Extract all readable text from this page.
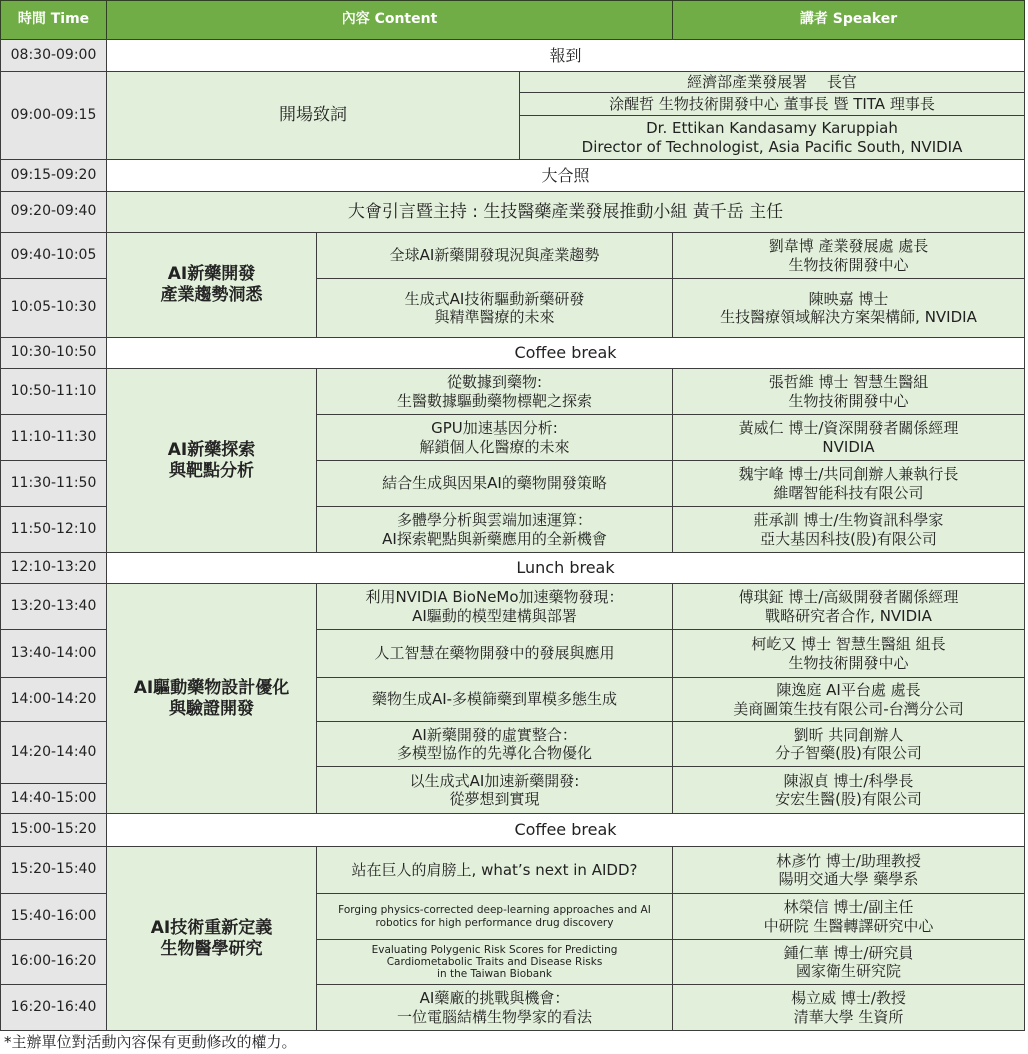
時間 Time	內容 Content	講者 Speaker
08:30-09:00
09:00-09:15
09:15-09:20
09:20-09:40
09:40-10:05
10:05-10:30
10:30-10:50
10:50-11:10
11:10-11:30
11:30-11:50
11:50-12:10
12:10-13:20
13:20-13:40
13:40-14:00
14:00-14:20
14:20-14:40
14:40-15:00
15:00-15:20
15:20-15:40
15:40-16:00
16:00-16:20
16:20-16:40
報到
開場致詞
經濟部產業發展署　 長官
涂醒哲 生物技術開發中心 董事長 暨 TITA 理事長
Dr. Ettikan Kandasamy Karuppiah
Director of Technologist, Asia Pacific South, NVIDIA
大合照
大會引言暨主持 : 生技醫藥產業發展推動小組 黃千岳 主任
AI新藥開發
產業趨勢洞悉
全球AI新藥開發現況與產業趨勢
劉韋博 產業發展處 處長
生物技術開發中心
生成式AI技術驅動新藥研發
與精準醫療的未來
陳映嘉 博士
生技醫療領域解決方案架構師, NVIDIA
Coffee break
AI新藥探索
與靶點分析
從數據到藥物:
生醫數據驅動藥物標靶之探索
張哲維 博士 智慧生醫組
生物技術開發中心
GPU加速基因分析:
解鎖個人化醫療的未來
黃威仁 博士/資深開發者關係經理
NVIDIA
結合生成與因果AI的藥物開發策略
魏宇峰 博士/共同創辦人兼執行長
維曙智能科技有限公司
多體學分析與雲端加速運算：
AI探索靶點與新藥應用的全新機會
莊承訓 博士/生物資訊科學家
亞大基因科技(股)有限公司
Lunch break
AI驅動藥物設計優化
與驗證開發
利用NVIDIA BioNeMo加速藥物發現：
AI驅動的模型建構與部署
傅琪鉦 博士/高級開發者關係經理
戰略研究者合作, NVIDIA
人工智慧在藥物開發中的發展與應用
柯屹又 博士 智慧生醫組 組長
生物技術開發中心
藥物生成AI-多模篩藥到單模多態生成
陳逸庭 AI平台處 處長
美商圖策生技有限公司-台灣分公司
AI新藥開發的虛實整合：
多模型協作的先導化合物優化
劉昕 共同創辦人
分子智藥(股)有限公司
以生成式AI加速新藥開發:
從夢想到實現
陳淑貞 博士/科學長
安宏生醫(股)有限公司
Coffee break
AI技術重新定義
生物醫學研究
站在巨人的肩膀上, what’s next in AIDD?
林彥竹 博士/助理教授
陽明交通大學 藥學系
Forging physics-corrected deep-learning approaches and AI
robotics for high performance drug discovery
林榮信 博士/副主任
中研院 生醫轉譯研究中心
Evaluating Polygenic Risk Scores for Predicting
Cardiometabolic Traits and Disease Risks
in the Taiwan Biobank
鍾仁華 博士/研究員
國家衛生研究院
AI藥廠的挑戰與機會：
一位電腦結構生物學家的看法
楊立威 博士/教授
清華大學 生資所
*主辦單位對活動內容保有更動修改的權力。
